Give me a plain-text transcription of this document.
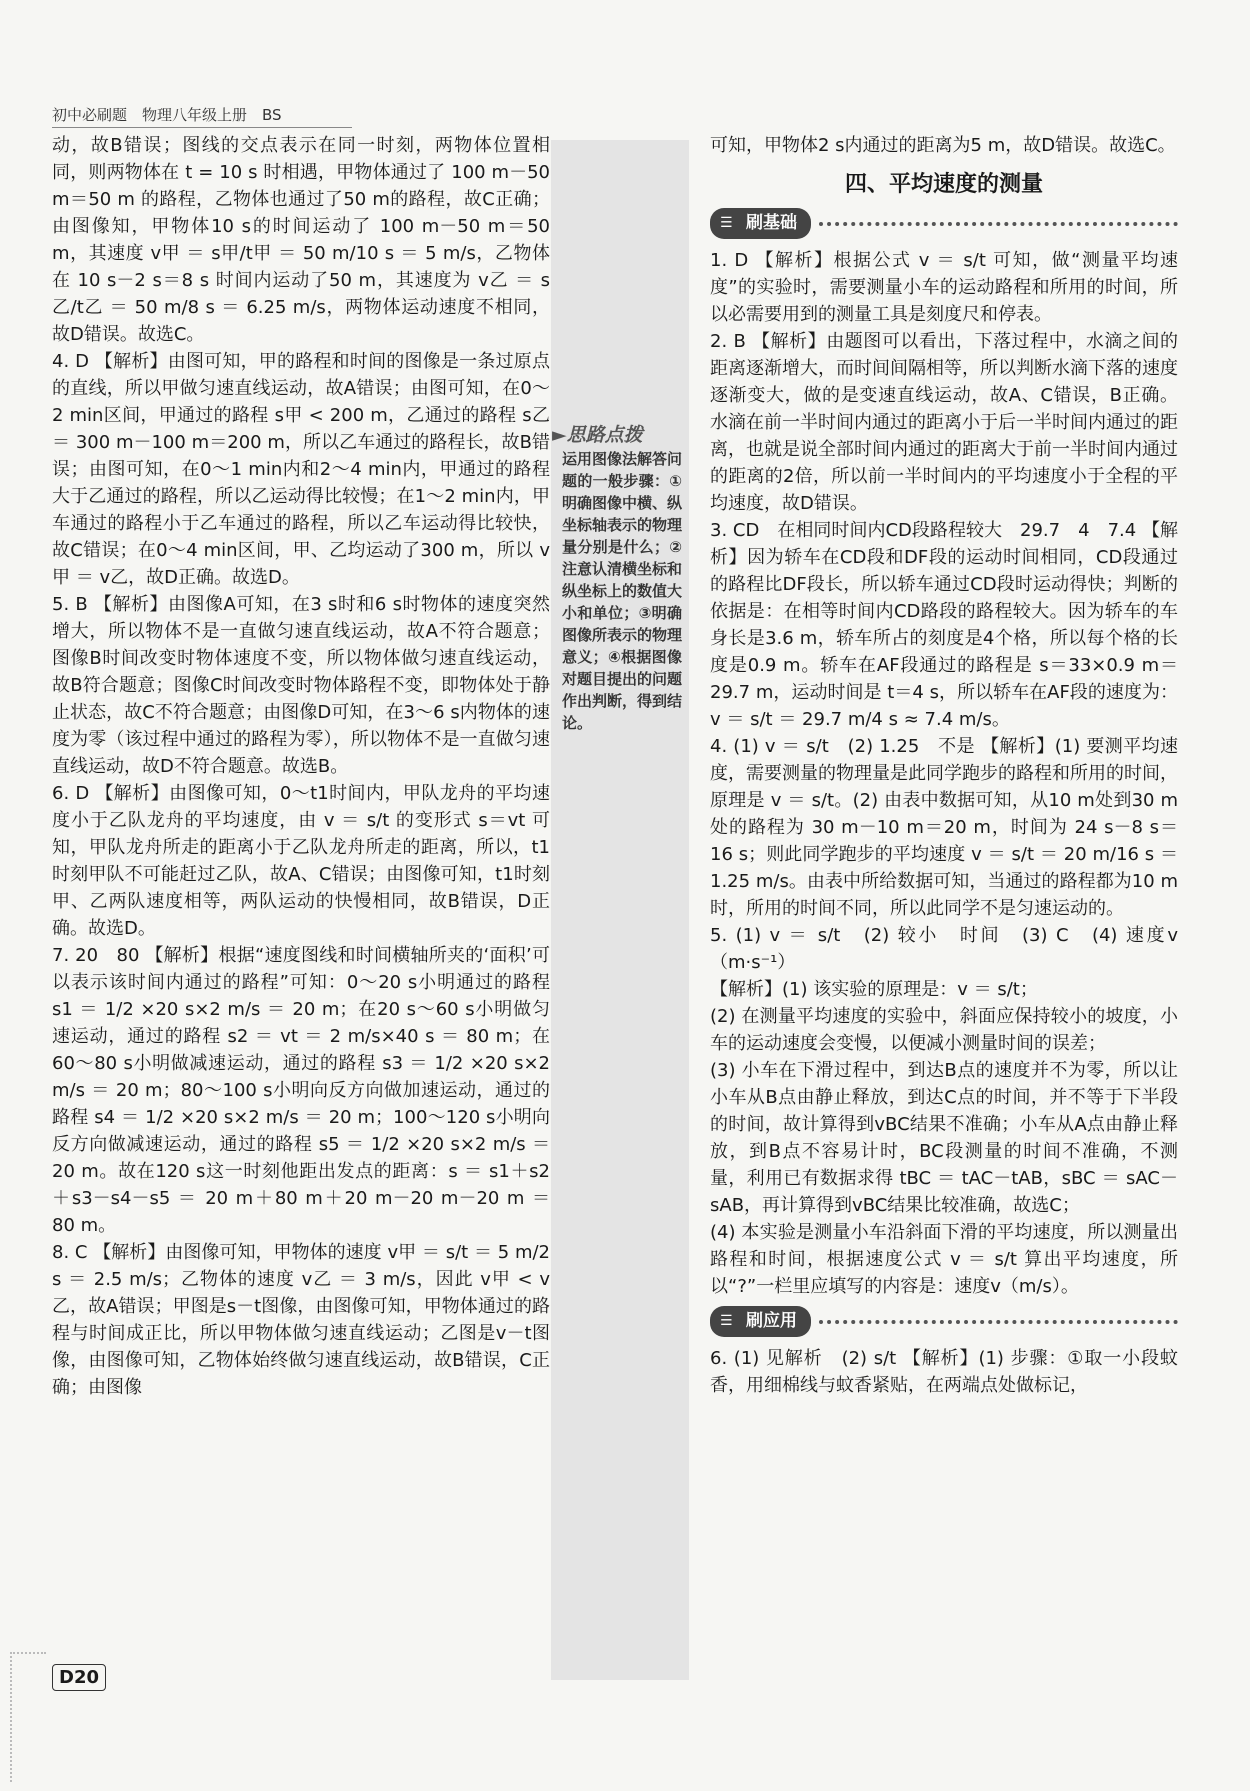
初中必刷题　物理八年级上册　BS

动，故B错误；图线的交点表示在同一时刻，两物体位置相同，则两物体在 t = 10 s 时相遇，甲物体通过了 100 m－50 m＝50 m 的路程，乙物体也通过了50 m的路程，故C正确；由图像知，甲物体10 s的时间运动了 100 m－50 m＝50 m，其速度 v甲 ＝ s甲/t甲 ＝ 50 m/10 s ＝ 5 m/s，乙物体在 10 s－2 s＝8 s 时间内运动了50 m，其速度为 v乙 ＝ s乙/t乙 ＝ 50 m/8 s ＝ 6.25 m/s，两物体运动速度不相同，故D错误。故选C。

4. D 【解析】由图可知，甲的路程和时间的图像是一条过原点的直线，所以甲做匀速直线运动，故A错误；由图可知，在0～2 min区间，甲通过的路程 s甲 < 200 m，乙通过的路程 s乙 ＝ 300 m－100 m＝200 m，所以乙车通过的路程长，故B错误；由图可知，在0～1 min内和2～4 min内，甲通过的路程大于乙通过的路程，所以乙运动得比较慢；在1～2 min内，甲车通过的路程小于乙车通过的路程，所以乙车运动得比较快，故C错误；在0～4 min区间，甲、乙均运动了300 m，所以 v甲 ＝ v乙，故D正确。故选D。

5. B 【解析】由图像A可知，在3 s时和6 s时物体的速度突然增大，所以物体不是一直做匀速直线运动，故A不符合题意；图像B时间改变时物体速度不变，所以物体做匀速直线运动，故B符合题意；图像C时间改变时物体路程不变，即物体处于静止状态，故C不符合题意；由图像D可知，在3～6 s内物体的速度为零（该过程中通过的路程为零），所以物体不是一直做匀速直线运动，故D不符合题意。故选B。

6. D 【解析】由图像可知，0～t1时间内，甲队龙舟的平均速度小于乙队龙舟的平均速度，由 v ＝ s/t 的变形式 s＝vt 可知，甲队龙舟所走的距离小于乙队龙舟所走的距离，所以，t1时刻甲队不可能赶过乙队，故A、C错误；由图像可知，t1时刻甲、乙两队速度相等，两队运动的快慢相同，故B错误，D正确。故选D。

7. 20　80 【解析】根据“速度图线和时间横轴所夹的‘面积’可以表示该时间内通过的路程”可知：0～20 s小明通过的路程 s1 ＝ 1/2 ×20 s×2 m/s ＝ 20 m；在20 s～60 s小明做匀速运动，通过的路程 s2 ＝ vt ＝ 2 m/s×40 s ＝ 80 m；在60～80 s小明做减速运动，通过的路程 s3 ＝ 1/2 ×20 s×2 m/s ＝ 20 m；80～100 s小明向反方向做加速运动，通过的路程 s4 ＝ 1/2 ×20 s×2 m/s ＝ 20 m；100～120 s小明向反方向做减速运动，通过的路程 s5 ＝ 1/2 ×20 s×2 m/s ＝ 20 m。故在120 s这一时刻他距出发点的距离：s ＝ s1＋s2＋s3－s4－s5 ＝ 20 m＋80 m＋20 m－20 m－20 m ＝ 80 m。

8. C 【解析】由图像可知，甲物体的速度 v甲 ＝ s/t ＝ 5 m/2 s ＝ 2.5 m/s；乙物体的速度 v乙 ＝ 3 m/s，因此 v甲 < v乙，故A错误；甲图是s－t图像，由图像可知，甲物体通过的路程与时间成正比，所以甲物体做匀速直线运动；乙图是v－t图像，由图像可知，乙物体始终做匀速直线运动，故B错误，C正确；由图像

►思路点拨
运用图像法解答问题的一般步骤：①明确图像中横、纵坐标轴表示的物理量分别是什么；②注意认清横坐标和纵坐标上的数值大小和单位；③明确图像所表示的物理意义；④根据图像对题目提出的问题作出判断，得到结论。

可知，甲物体2 s内通过的距离为5 m，故D错误。故选C。

四、平均速度的测量
☰ 刷基础

1. D 【解析】根据公式 v ＝ s/t 可知，做“测量平均速度”的实验时，需要测量小车的运动路程和所用的时间，所以必需要用到的测量工具是刻度尺和停表。

2. B 【解析】由题图可以看出，下落过程中，水滴之间的距离逐渐增大，而时间间隔相等，所以判断水滴下落的速度逐渐变大，做的是变速直线运动，故A、C错误，B正确。水滴在前一半时间内通过的距离小于后一半时间内通过的距离，也就是说全部时间内通过的距离大于前一半时间内通过的距离的2倍，所以前一半时间内的平均速度小于全程的平均速度，故D错误。

3. CD　在相同时间内CD段路程较大　29.7　4　7.4 【解析】因为轿车在CD段和DF段的运动时间相同，CD段通过的路程比DF段长，所以轿车通过CD段时运动得快；判断的依据是：在相等时间内CD路段的路程较大。因为轿车的车身长是3.6 m，轿车所占的刻度是4个格，所以每个格的长度是0.9 m。轿车在AF段通过的路程是 s＝33×0.9 m＝29.7 m，运动时间是 t＝4 s，所以轿车在AF段的速度为：v ＝ s/t ＝ 29.7 m/4 s ≈ 7.4 m/s。

4. (1) v ＝ s/t　(2) 1.25　不是 【解析】(1) 要测平均速度，需要测量的物理量是此同学跑步的路程和所用的时间，原理是 v ＝ s/t。(2) 由表中数据可知，从10 m处到30 m处的路程为 30 m－10 m＝20 m，时间为 24 s－8 s＝16 s；则此同学跑步的平均速度 v ＝ s/t ＝ 20 m/16 s ＝ 1.25 m/s。由表中所给数据可知，当通过的路程都为10 m时，所用的时间不同，所以此同学不是匀速运动的。

5. (1) v ＝ s/t　(2) 较小　时间　(3) C　(4) 速度v（m·s⁻¹）

【解析】(1) 该实验的原理是：v ＝ s/t；

(2) 在测量平均速度的实验中，斜面应保持较小的坡度，小车的运动速度会变慢，以便减小测量时间的误差；

(3) 小车在下滑过程中，到达B点的速度并不为零，所以让小车从B点由静止释放，到达C点的时间，并不等于下半段的时间，故计算得到vBC结果不准确；小车从A点由静止释放，到B点不容易计时，BC段测量的时间不准确，不测量，利用已有数据求得 tBC ＝ tAC－tAB，sBC ＝ sAC－sAB，再计算得到vBC结果比较准确，故选C；

(4) 本实验是测量小车沿斜面下滑的平均速度，所以测量出路程和时间，根据速度公式 v ＝ s/t 算出平均速度，所以“?”一栏里应填写的内容是：速度v（m/s）。

☰ 刷应用

6. (1) 见解析　(2) s/t 【解析】(1) 步骤：①取一小段蚊香，用细棉线与蚊香紧贴，在两端点处做标记，

D20
